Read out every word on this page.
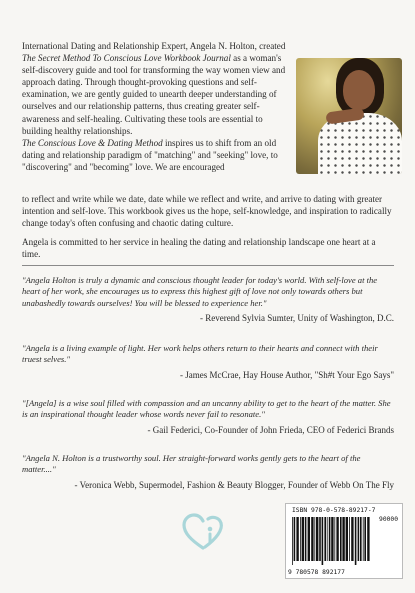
International Dating and Relationship Expert, Angela N. Holton, created The Secret Method To Conscious Love Workbook Journal as a woman's self-discovery guide and tool for transforming the way women view and approach dating. Through thought-provoking questions and self-examination, we are gently guided to unearth deeper understanding of ourselves and our relationship patterns, thus creating greater self-awareness and self-healing. Cultivating these tools are essential to building healthy relationships.

The Conscious Love & Dating Method inspires us to shift from an old dating and relationship paradigm of "matching" and "seeking" love, to "discovering" and "becoming" love. We are encouraged

to reflect and write while we date, date while we reflect and write, and arrive to dating with greater intention and self-love. This workbook gives us the hope, self-knowledge, and inspiration to radically change today's often confusing and chaotic dating culture.

Angela is committed to her service in healing the dating and relationship landscape one heart at a time.

"Angela Holton is truly a dynamic and conscious thought leader for today's world. With self-love at the heart of her work, she encourages us to express this highest gift of love not only towards others but unabashedly towards ourselves! You will be blessed to experience her."

- Reverend Sylvia Sumter, Unity of Washington, D.C.

"Angela is a living example of light. Her work helps others return to their hearts and connect with their truest selves."

- James McCrae, Hay House Author, "Sh#t Your Ego Says"

"[Angela] is a wise soul filled with compassion and an uncanny ability to get to the heart of the matter. She is an inspirational thought leader whose words never fail to resonate."

- Gail Federici, Co-Founder of John Frieda, CEO of Federici Brands

"Angela N. Holton is a trustworthy soul. Her straight-forward works gently gets to the heart of the matter...."

- Veronica Webb, Supermodel, Fashion & Beauty Blogger, Founder of Webb On The Fly

ISBN 978-0-578-89217-7
90000
9 780578 892177
